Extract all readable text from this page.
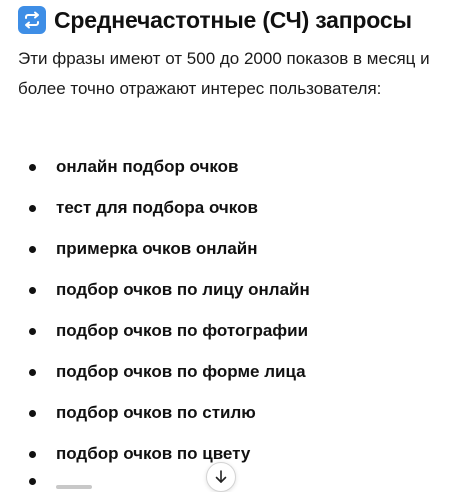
Среднечастотные (СЧ) запросы
Эти фразы имеют от 500 до 2000 показов в месяц и более точно отражают интерес пользователя:
онлайн подбор очков
тест для подбора очков
примерка очков онлайн
подбор очков по лицу онлайн
подбор очков по фотографии
подбор очков по форме лица
подбор очков по стилю
подбор очков по цвету
